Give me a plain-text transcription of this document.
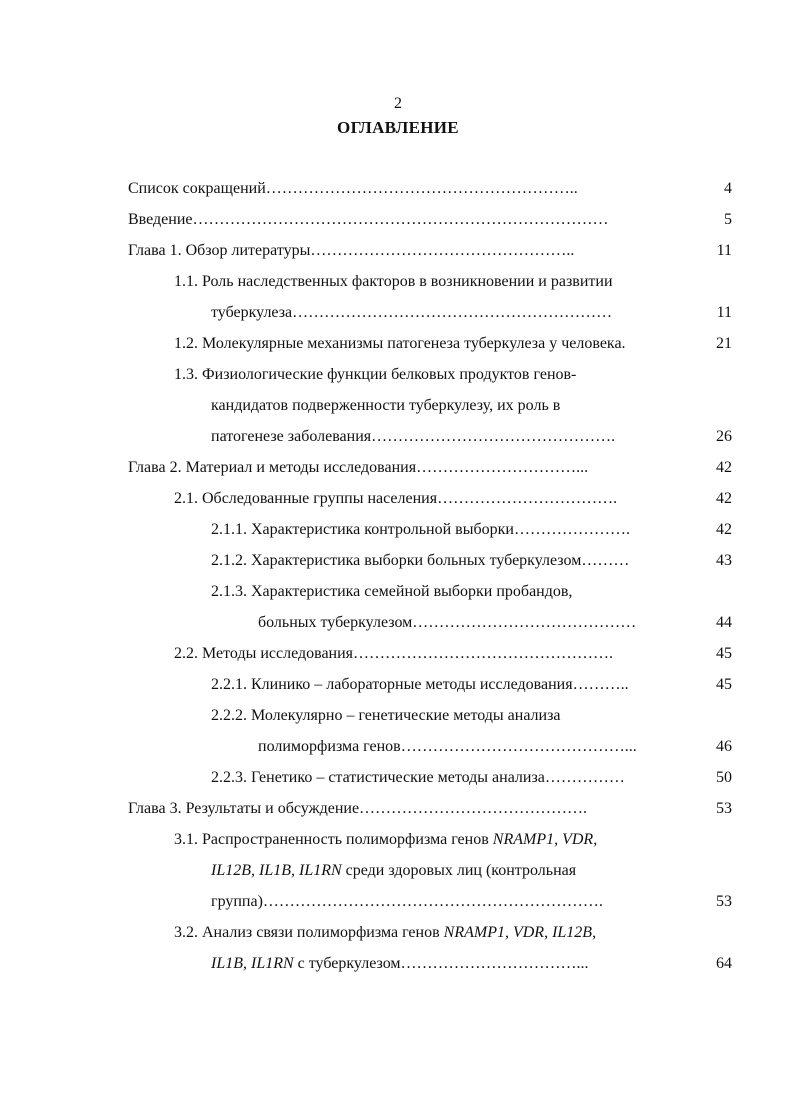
2
ОГЛАВЛЕНИЕ
Список сокращений…………………………………………………..	4
Введение……………………………………………………………………	5
Глава 1. Обзор литературы…………………………………………..	11
1.1. Роль наследственных факторов в возникновении и развитии
туберкулеза……………………………………………………	11
1.2. Молекулярные механизмы патогенеза туберкулеза у человека.	21
1.3. Физиологические функции белковых продуктов генов-
кандидатов подверженности туберкулезу, их роль в
патогенезе заболевания……………………………………….	26
Глава 2. Материал и методы исследования…………………………...	42
2.1. Обследованные группы населения…………………………….	42
2.1.1. Характеристика контрольной выборки………………….	42
2.1.2. Характеристика выборки больных туберкулезом………	43
2.1.3. Характеристика семейной выборки пробандов,
больных туберкулезом……………………………………	44
2.2. Методы исследования………………………………………….	45
2.2.1. Клинико – лабораторные методы исследования………..	45
2.2.2. Молекулярно – генетические методы анализа
полиморфизма генов……………………………………...	46
2.2.3. Генетико – статистические методы анализа……………	50
Глава 3. Результаты и обсуждение…………………………………….	53
3.1. Распространенность полиморфизма генов NRAMP1, VDR,
IL12B, IL1B, IL1RN среди здоровых лиц (контрольная
группа)……………………………………………………….	53
3.2. Анализ связи полиморфизма генов NRAMP1, VDR, IL12B,
IL1B, IL1RN с туберкулезом……………………………...	64
